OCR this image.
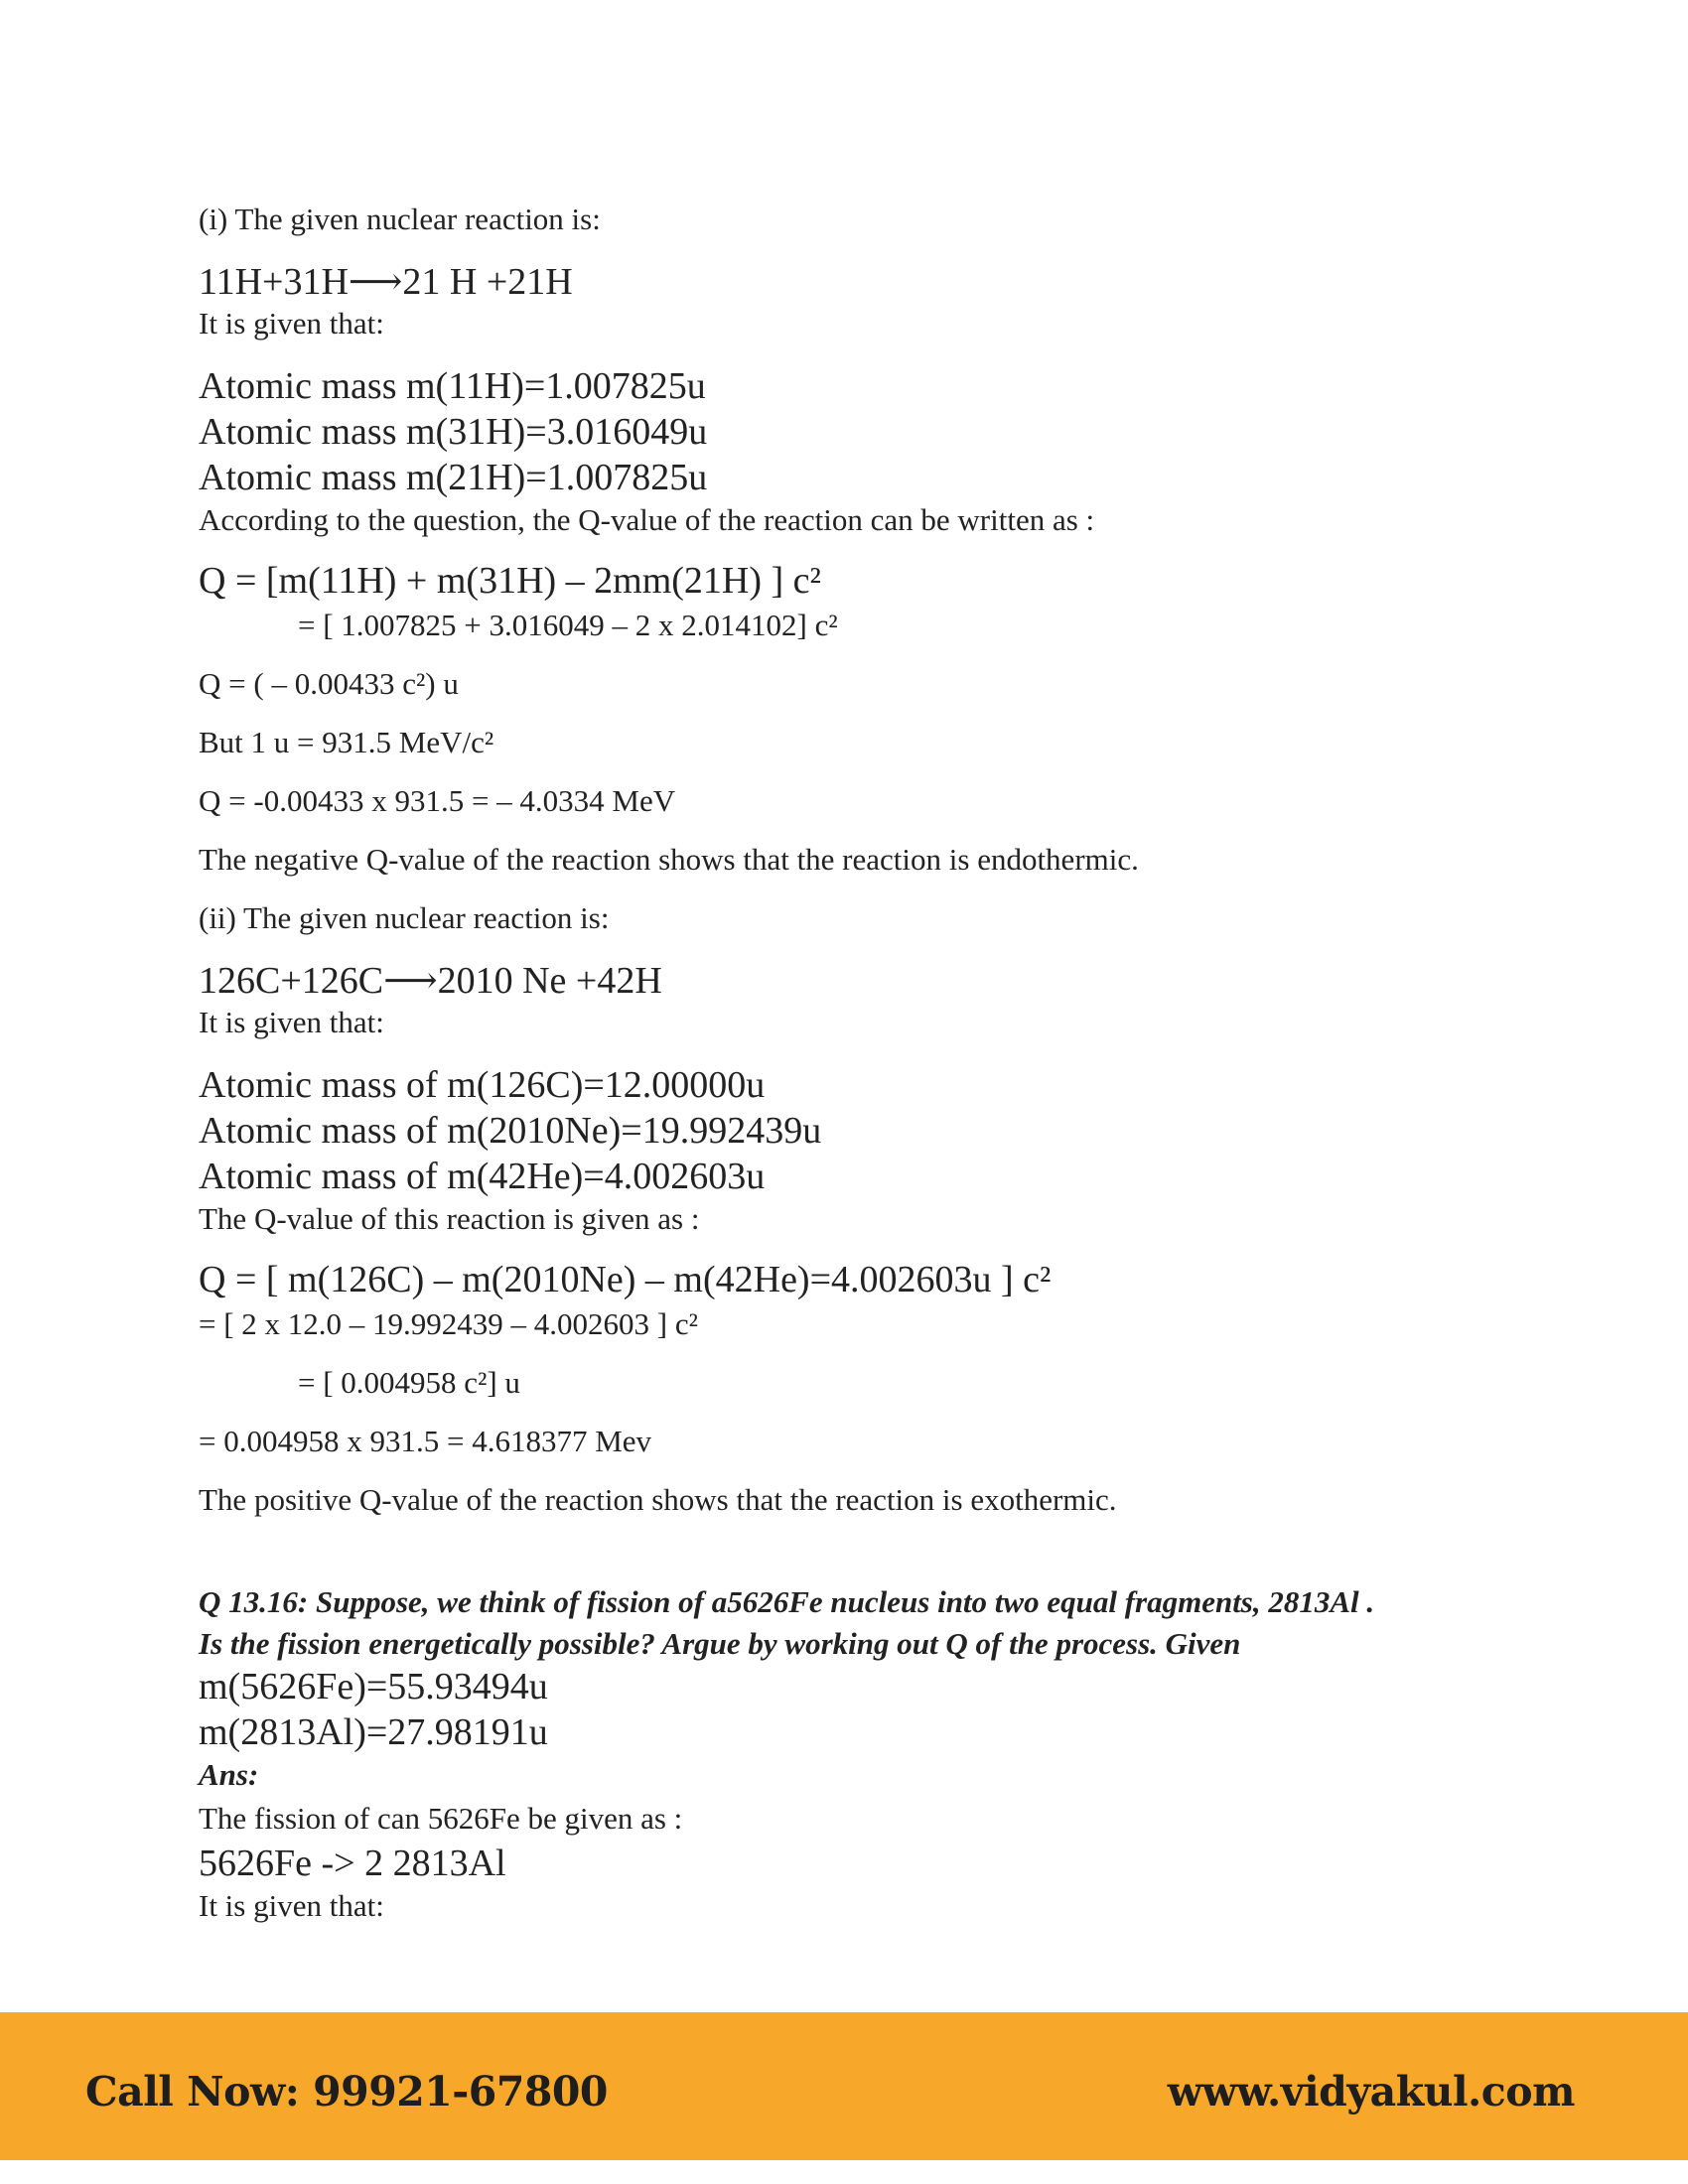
(i) The given nuclear reaction is:
11H+31H⟶21 H +21H
It is given that:
Atomic mass m(11H)=1.007825u
Atomic mass m(31H)=3.016049u
Atomic mass m(21H)=1.007825u
According to the question, the Q-value of the reaction can be written as :
Q = [m(11H) + m(31H) – 2mm(21H) ] c²
= [ 1.007825 + 3.016049 – 2 x 2.014102] c²
Q = ( – 0.00433 c²) u
But 1 u = 931.5 MeV/c²
Q = -0.00433 x 931.5 = – 4.0334 MeV
The negative Q-value of the reaction shows that the reaction is endothermic.
(ii) The given nuclear reaction is:
126C+126C⟶2010 Ne +42H
It is given that:
Atomic mass of m(126C)=12.00000u
Atomic mass of m(2010Ne)=19.992439u
Atomic mass of m(42He)=4.002603u
The Q-value of this reaction is given as :
Q = [ m(126C) – m(2010Ne) – m(42He)=4.002603u ] c²
= [ 2 x 12.0 – 19.992439 – 4.002603 ] c²
= [ 0.004958 c²] u
= 0.004958 x 931.5 = 4.618377 Mev
The positive Q-value of the reaction shows that the reaction is exothermic.
Q 13.16: Suppose, we think of fission of a5626Fe nucleus into two equal fragments, 2813Al .
Is the fission energetically possible? Argue by working out Q of the process. Given
m(5626Fe)=55.93494u
m(2813Al)=27.98191u
Ans:
The fission of can 5626Fe be given as :
5626Fe -> 2 2813Al
It is given that:
Call Now: 99921-67800	www.vidyakul.com
